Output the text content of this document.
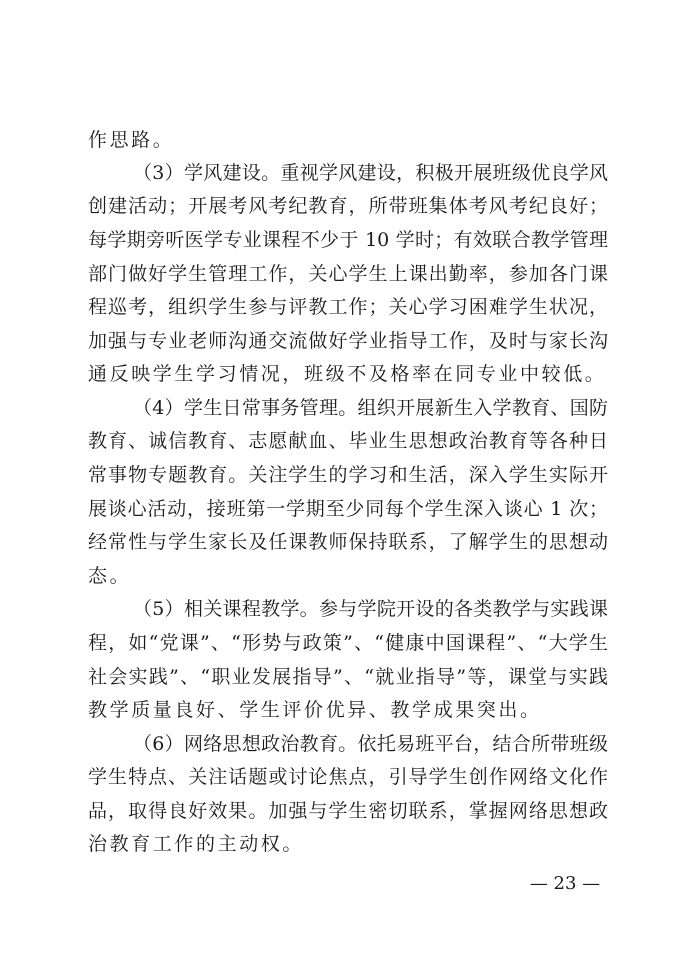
作思路。
（3）学风建设。重视学风建设，积极开展班级优良学风
创建活动；开展考风考纪教育，所带班集体考风考纪良好；
每学期旁听医学专业课程不少于 10 学时；有效联合教学管理
部门做好学生管理工作，关心学生上课出勤率，参加各门课
程巡考，组织学生参与评教工作；关心学习困难学生状况，
加强与专业老师沟通交流做好学业指导工作，及时与家长沟
通反映学生学习情况，班级不及格率在同专业中较低。
（4）学生日常事务管理。组织开展新生入学教育、国防
教育、诚信教育、志愿献血、毕业生思想政治教育等各种日
常事物专题教育。关注学生的学习和生活，深入学生实际开
展谈心活动，接班第一学期至少同每个学生深入谈心 1 次；
经常性与学生家长及任课教师保持联系，了解学生的思想动
态。
（5）相关课程教学。参与学院开设的各类教学与实践课
程，如“党课”、“形势与政策”、“健康中国课程”、“大学生
社会实践”、“职业发展指导”、“就业指导”等，课堂与实践
教学质量良好、学生评价优异、教学成果突出。
（6）网络思想政治教育。依托易班平台，结合所带班级
学生特点、关注话题或讨论焦点，引导学生创作网络文化作
品，取得良好效果。加强与学生密切联系，掌握网络思想政
治教育工作的主动权。
— 23 —
